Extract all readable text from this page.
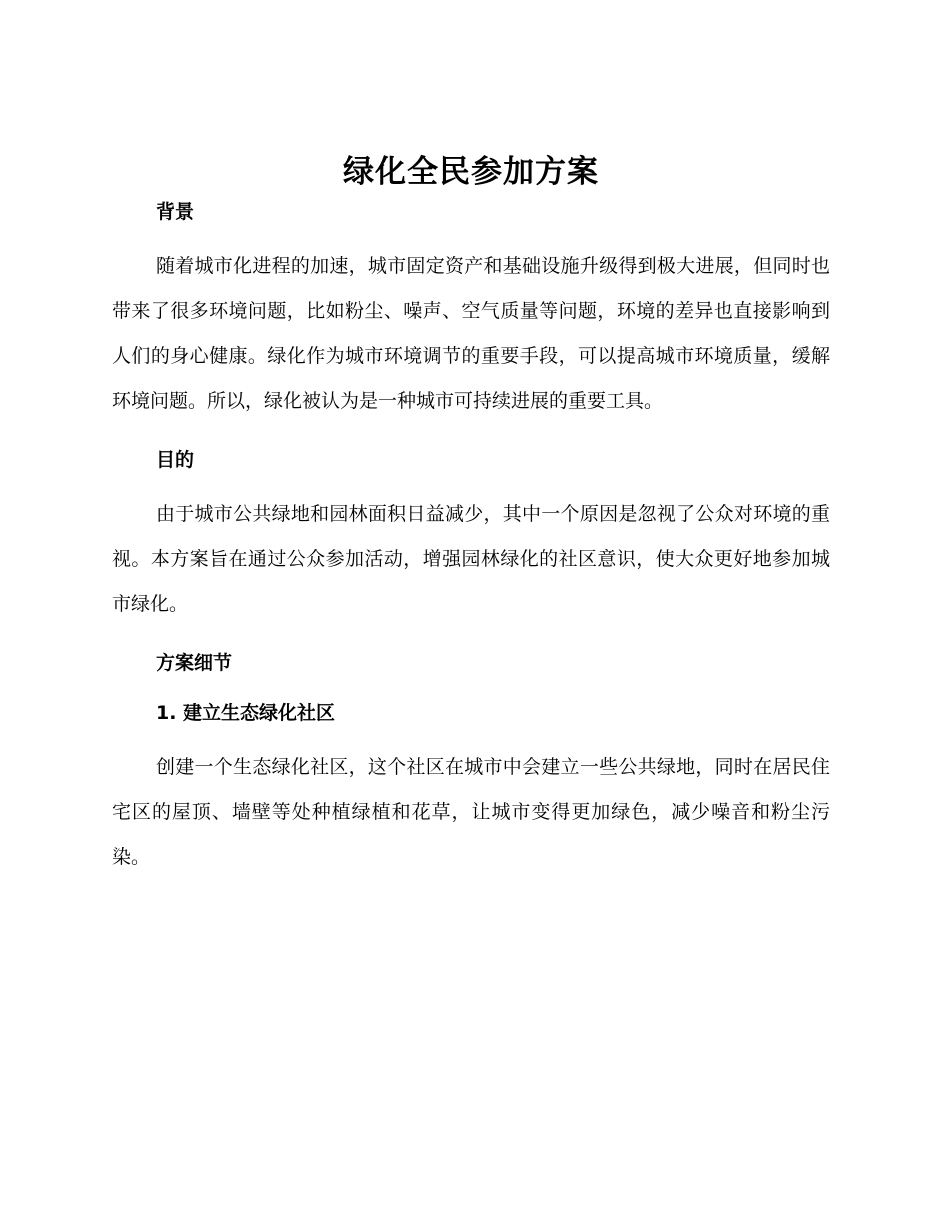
绿化全民参加方案
背景

随着城市化进程的加速，城市固定资产和基础设施升级得到极大进展，但同时也带来了很多环境问题，比如粉尘、噪声、空气质量等问题，环境的差异也直接影响到人们的身心健康。绿化作为城市环境调节的重要手段，可以提高城市环境质量，缓解环境问题。所以，绿化被认为是一种城市可持续进展的重要工具。

目的

由于城市公共绿地和园林面积日益减少，其中一个原因是忽视了公众对环境的重视。本方案旨在通过公众参加活动，增强园林绿化的社区意识，使大众更好地参加城市绿化。

方案细节
1. 建立生态绿化社区

创建一个生态绿化社区，这个社区在城市中会建立一些公共绿地，同时在居民住宅区的屋顶、墙壁等处种植绿植和花草，让城市变得更加绿色，减少噪音和粉尘污染。
